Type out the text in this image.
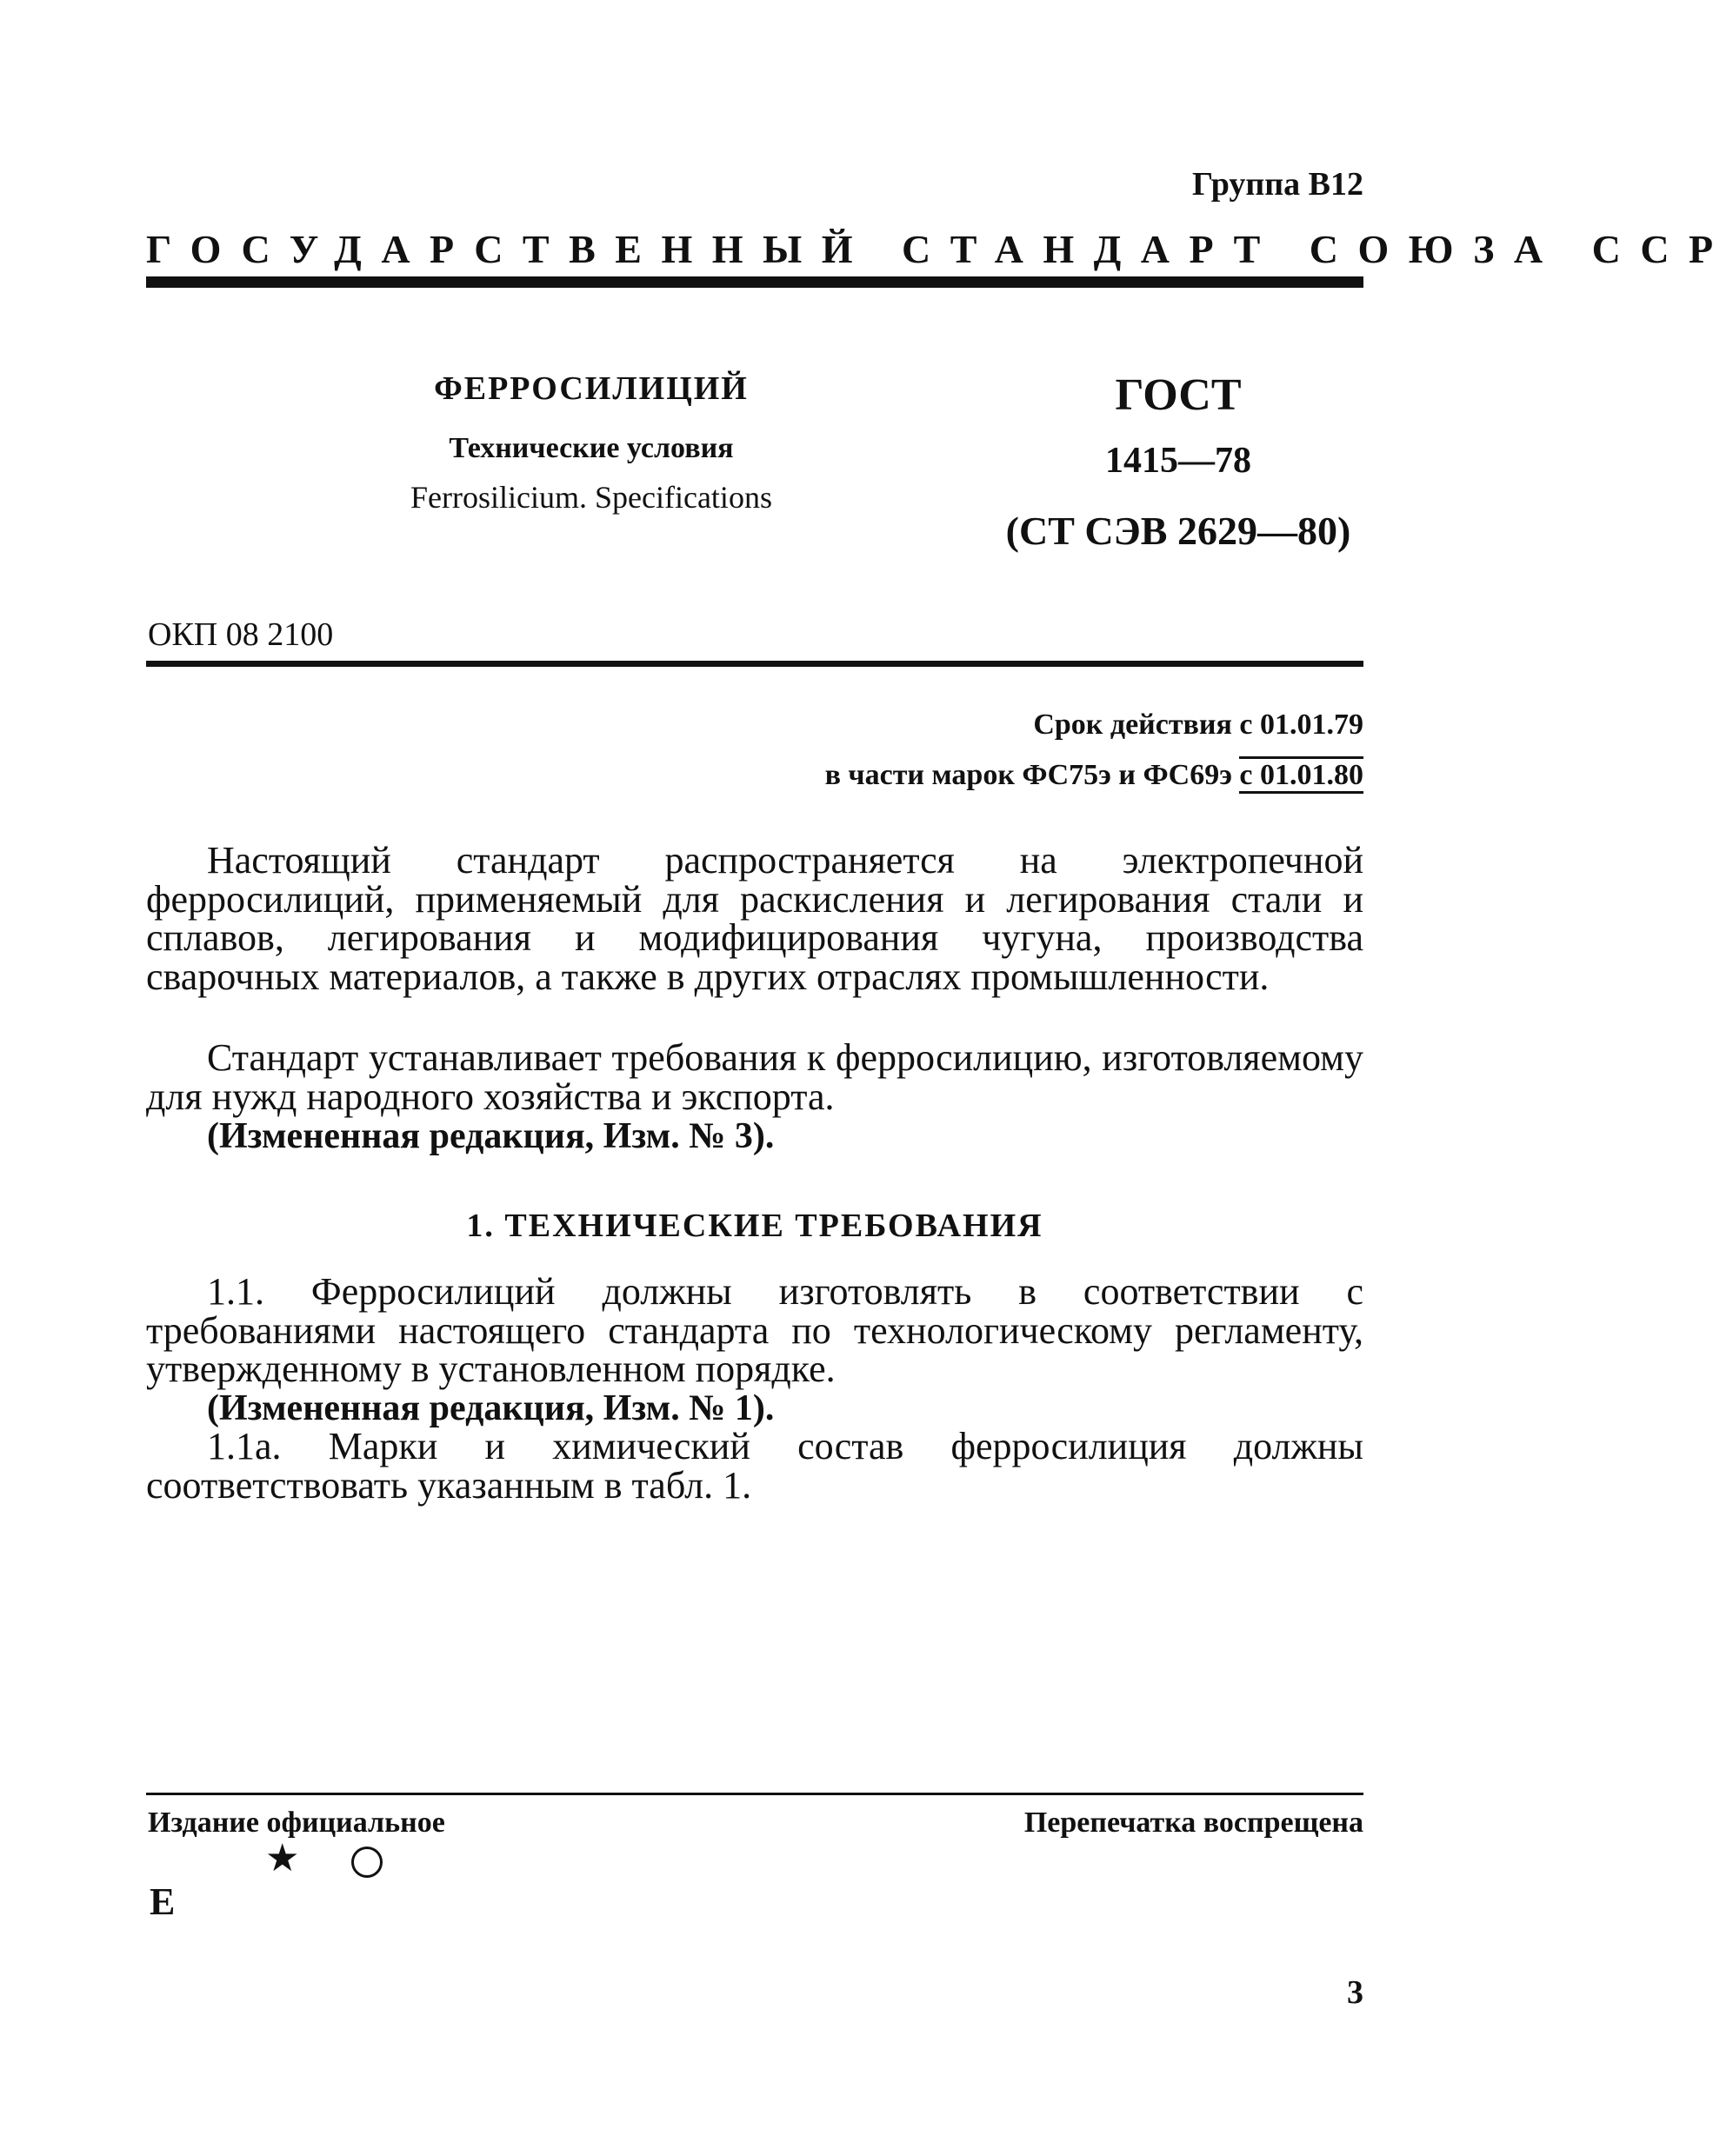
Группа В12
ГОСУДАРСТВЕННЫЙ СТАНДАРТ СОЮЗА ССР
ФЕРРОСИЛИЦИЙ
Технические условия
Ferrosilicium. Specifications
ГОСТ
1415—78
(СТ СЭВ 2629—80)
ОКП 08 2100
Срок действия с 01.01.79
в части марок ФС75э и ФС69э с 01.01.80
Настоящий стандарт распространяется на электропечной ферросилиций, применяемый для раскисления и легирования стали и сплавов, легирования и модифицирования чугуна, производства сварочных материалов, а также в других отраслях промышленности.
Стандарт устанавливает требования к ферросилицию, изготовляемому для нужд народного хозяйства и экспорта.
(Измененная редакция, Изм. № 3).
1. ТЕХНИЧЕСКИЕ ТРЕБОВАНИЯ
1.1. Ферросилиций должны изготовлять в соответствии с требованиями настоящего стандарта по технологическому регламенту, утвержденному в установленном порядке.
(Измененная редакция, Изм. № 1).
1.1а. Марки и химический состав ферросилиция должны соответствовать указанным в табл. 1.
Издание официальное	Перепечатка воспрещена
★
Е
3
